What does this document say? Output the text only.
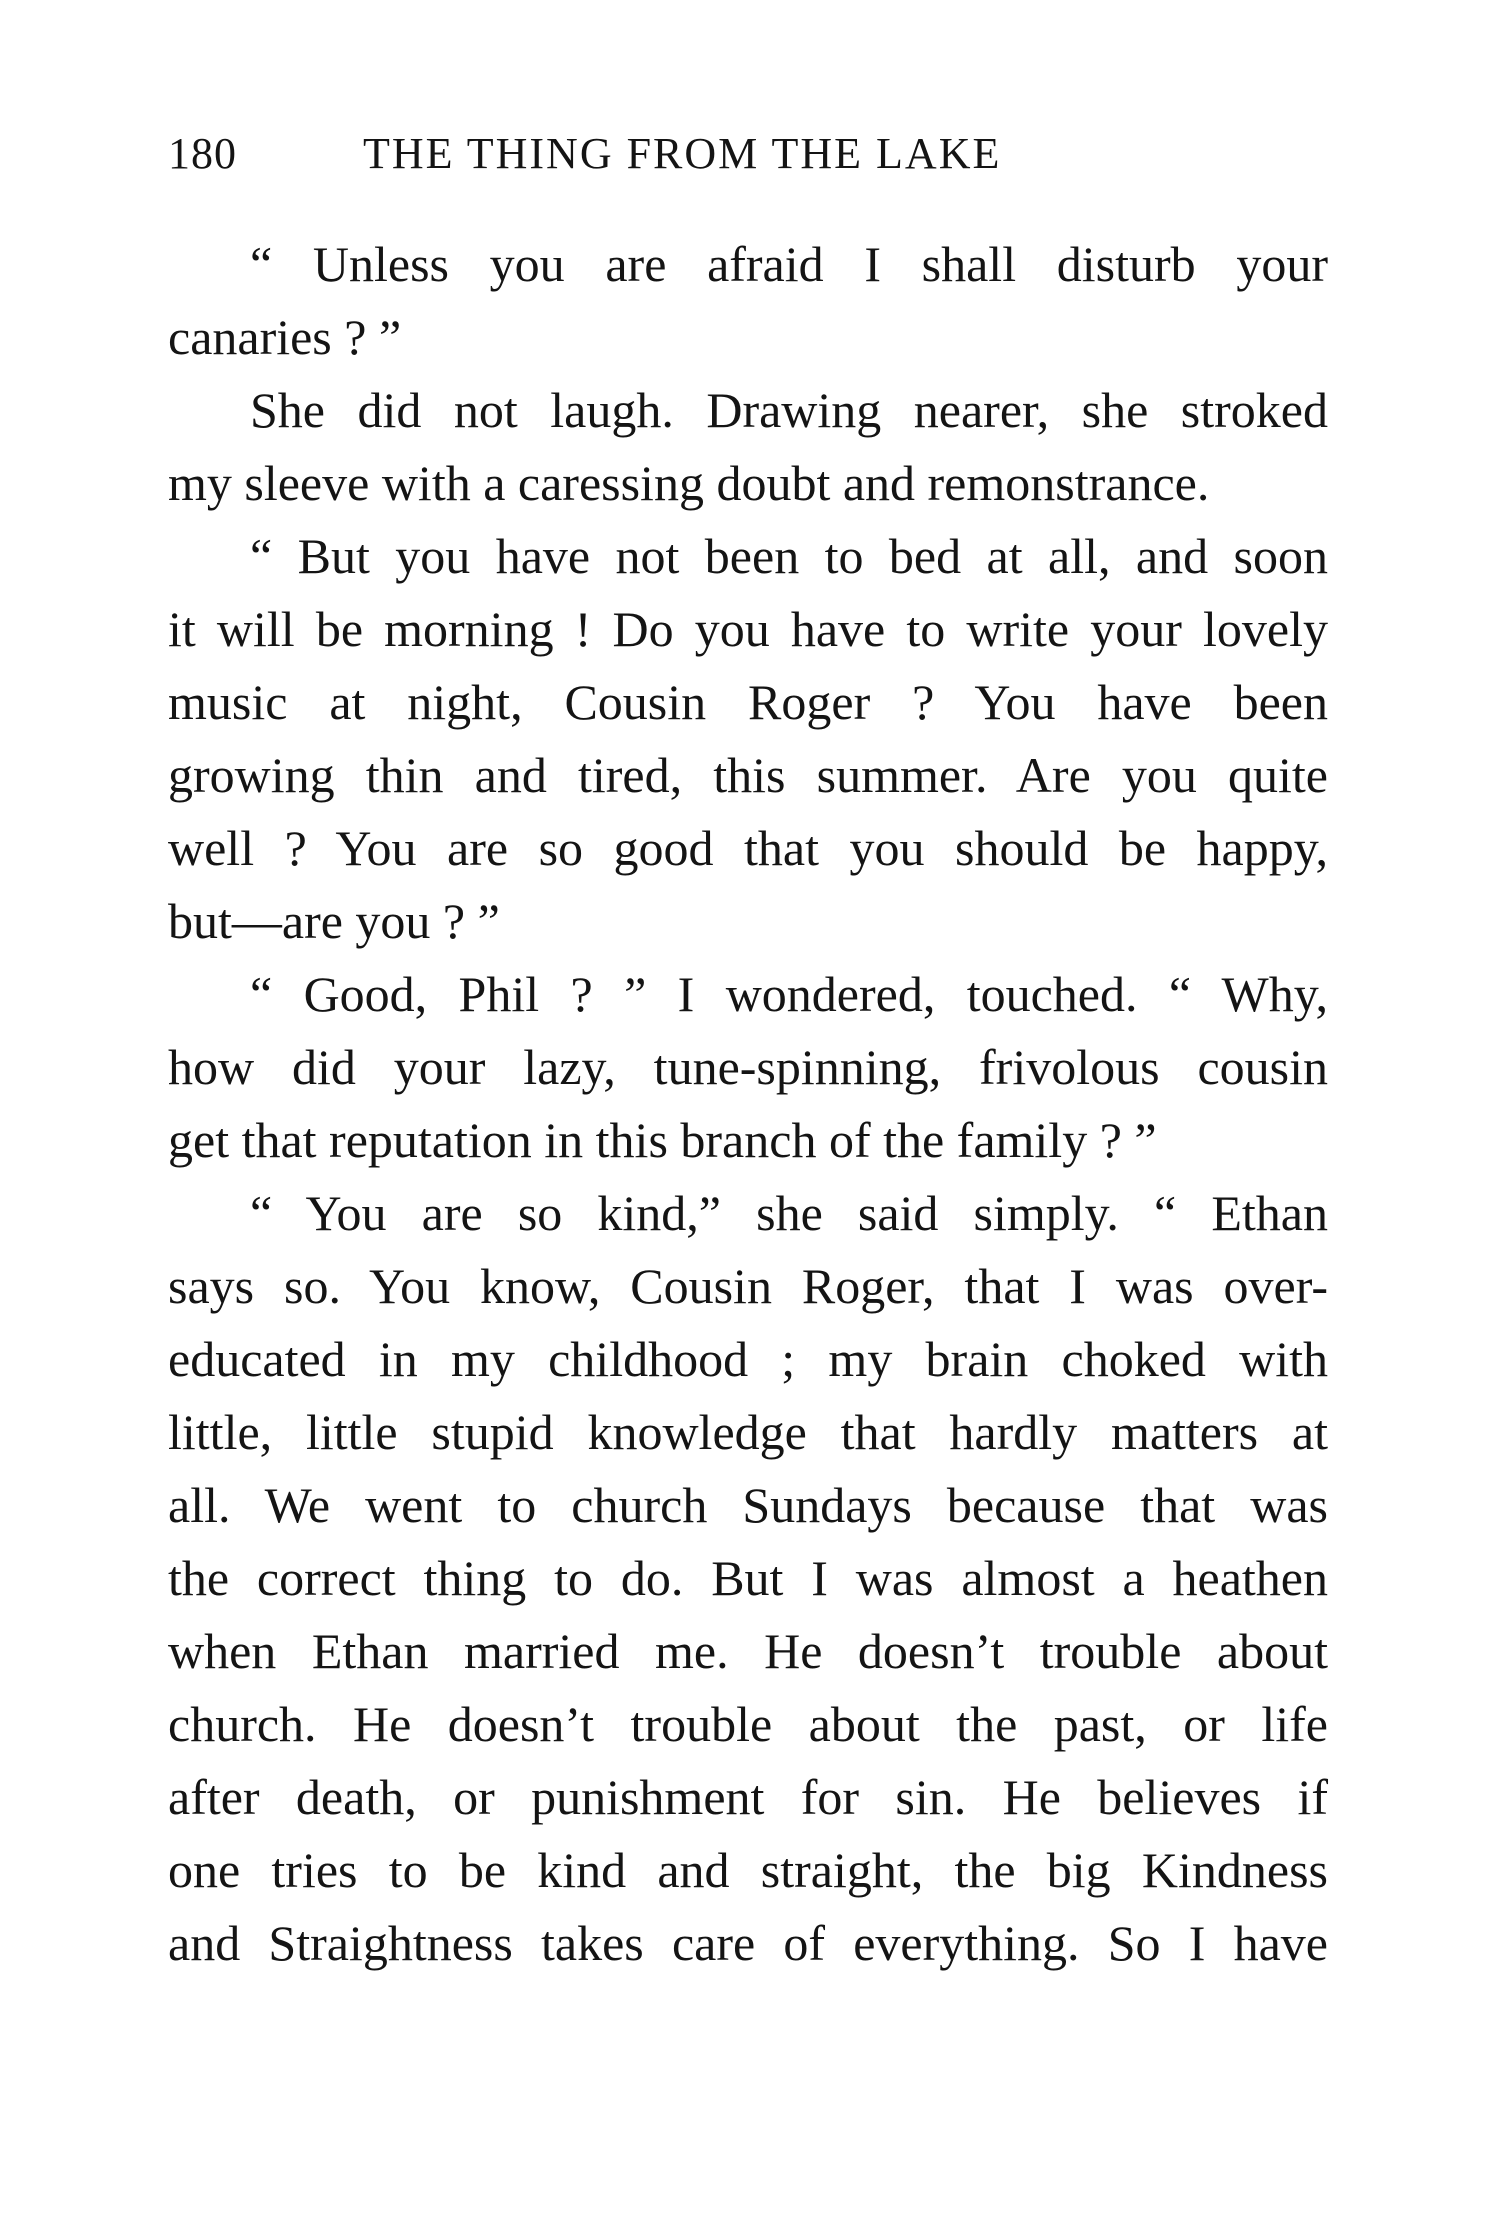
180	THE THING FROM THE LAKE
“ Unless you are afraid I shall disturb your
canaries ? ”
She did not laugh. Drawing nearer, she stroked
my sleeve with a caressing doubt and remonstrance.
“ But you have not been to bed at all, and soon
it will be morning ! Do you have to write your lovely
music at night, Cousin Roger ? You have been
growing thin and tired, this summer. Are you quite
well ? You are so good that you should be happy,
but—are you ? ”
“ Good, Phil ? ” I wondered, touched. “ Why,
how did your lazy, tune-spinning, frivolous cousin
get that reputation in this branch of the family ? ”
“ You are so kind,” she said simply. “ Ethan
says so. You know, Cousin Roger, that I was over-
educated in my childhood ; my brain choked with
little, little stupid knowledge that hardly matters at
all. We went to church Sundays because that was
the correct thing to do. But I was almost a heathen
when Ethan married me. He doesn’t trouble about
church. He doesn’t trouble about the past, or life
after death, or punishment for sin. He believes if
one tries to be kind and straight, the big Kindness
and Straightness takes care of everything. So I have
